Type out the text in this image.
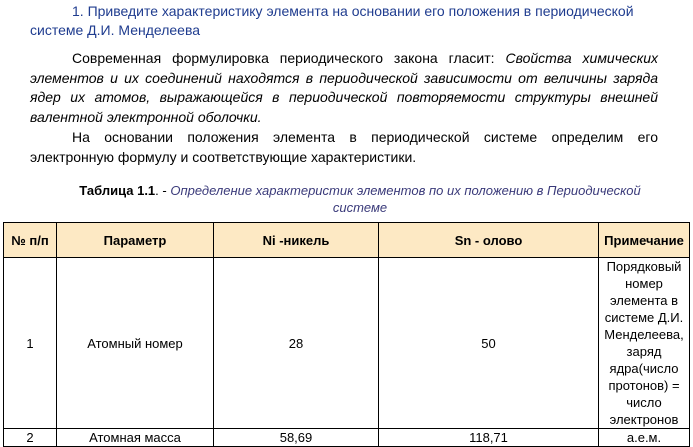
1. Приведите характеристику элемента на основании его положения в периодической
системе Д.И. Менделеева

Современная формулировка периодического закона гласит: Свойства химических элементов и их соединений находятся в периодической зависимости от величины заряда ядер их атомов, выражающейся в периодической повторяемости структуры внешней валентной электронной оболочки.

На основании положения элемента в периодической системе определим его электронную формулу и соответствующие характеристики.

Таблица 1.1. - Определение характеристик элементов по их положению в Периодической системе
№ п/п	Параметр	Ni -никель	Sn - олово	Примечание
1	Атомный номер	28	50	Порядковый номер элемента в системе Д.И. Менделеева, заряд ядра(число протонов) = число электронов
2	Атомная масса	58,69	118,71	а.е.м.
